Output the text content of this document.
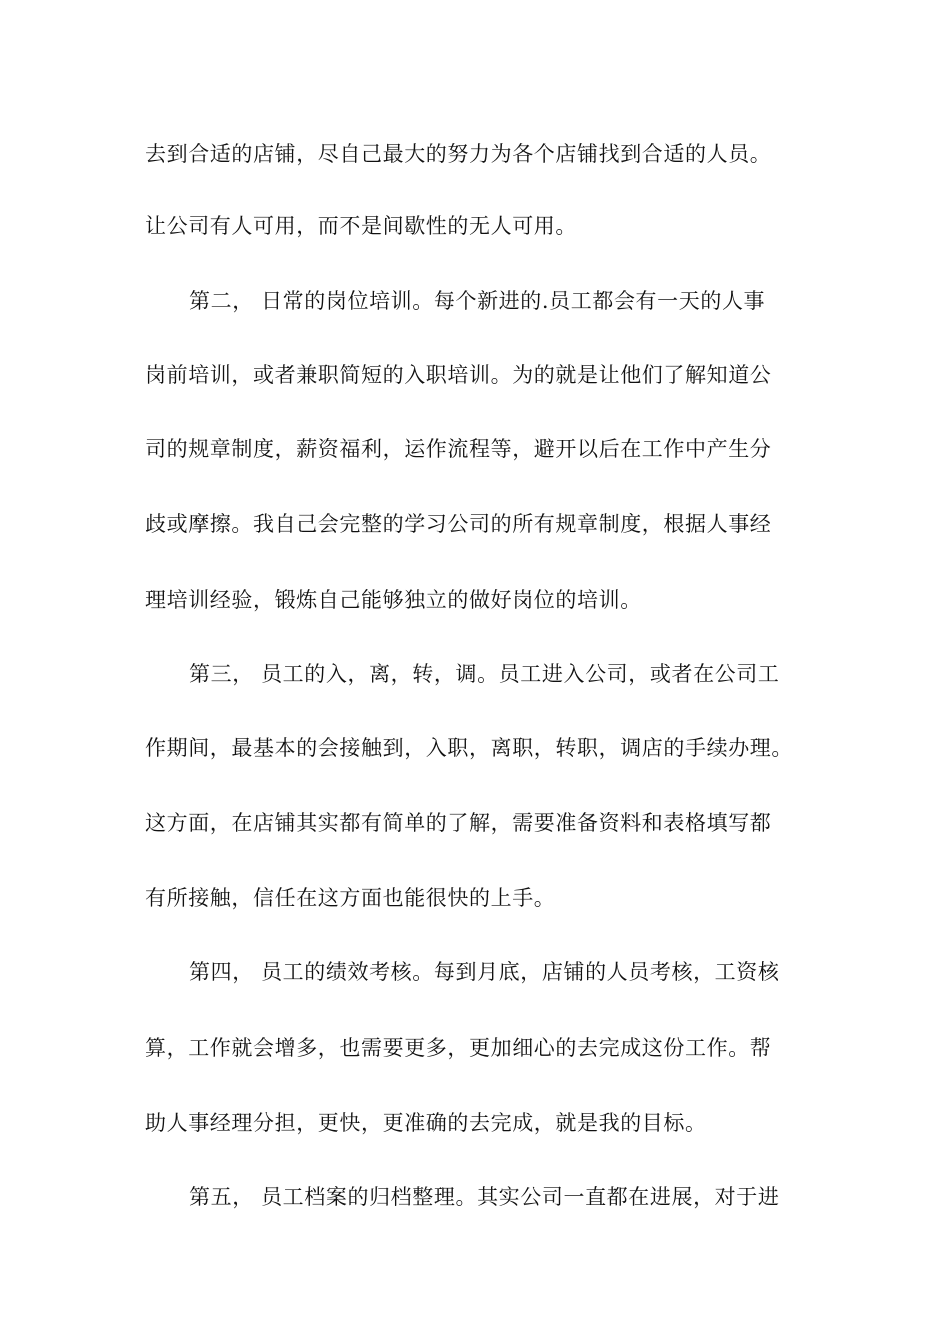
去到合适的店铺，尽自己最大的努力为各个店铺找到合适的人员。
让公司有人可用，而不是间歇性的无人可用。
第二， 日常的岗位培训。每个新进的.员工都会有一天的人事
岗前培训，或者兼职简短的入职培训。为的就是让他们了解知道公
司的规章制度，薪资福利，运作流程等，避开以后在工作中产生分
歧或摩擦。我自己会完整的学习公司的所有规章制度，根据人事经
理培训经验，锻炼自己能够独立的做好岗位的培训。
第三， 员工的入，离，转，调。员工进入公司，或者在公司工
作期间，最基本的会接触到，入职，离职，转职，调店的手续办理。
这方面，在店铺其实都有简单的了解，需要准备资料和表格填写都
有所接触，信任在这方面也能很快的上手。
第四， 员工的绩效考核。每到月底，店铺的人员考核，工资核
算，工作就会增多，也需要更多，更加细心的去完成这份工作。帮
助人事经理分担，更快，更准确的去完成，就是我的目标。
第五， 员工档案的归档整理。其实公司一直都在进展，对于进
